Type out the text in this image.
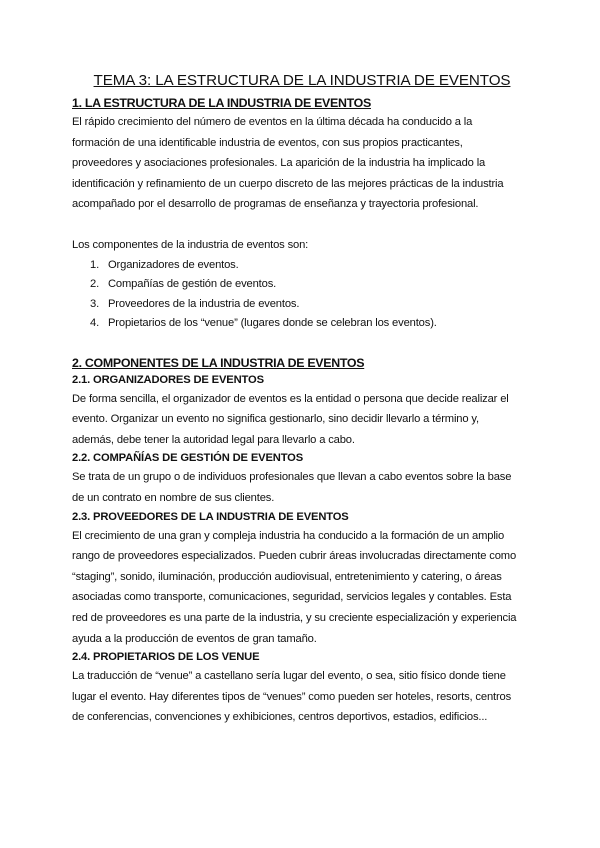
TEMA 3: LA ESTRUCTURA DE LA INDUSTRIA DE EVENTOS
1. LA ESTRUCTURA DE LA INDUSTRIA DE EVENTOS
El rápido crecimiento del número de eventos en la última década ha conducido a la
formación de una identificable industria de eventos, con sus propios practicantes,
proveedores y asociaciones profesionales. La aparición de la industria ha implicado la
identificación y refinamiento de un cuerpo discreto de las mejores prácticas de la industria
acompañado por el desarrollo de programas de enseñanza y trayectoria profesional.
Los componentes de la industria de eventos son:
1. Organizadores de eventos.
2. Compañías de gestión de eventos.
3. Proveedores de la industria de eventos.
4. Propietarios de los “venue” (lugares donde se celebran los eventos).
2. COMPONENTES DE LA INDUSTRIA DE EVENTOS
2.1. ORGANIZADORES DE EVENTOS
De forma sencilla, el organizador de eventos es la entidad o persona que decide realizar el
evento. Organizar un evento no significa gestionarlo, sino decidir llevarlo a término y,
además, debe tener la autoridad legal para llevarlo a cabo.
2.2. COMPAÑÍAS DE GESTIÓN DE EVENTOS
Se trata de un grupo o de individuos profesionales que llevan a cabo eventos sobre la base
de un contrato en nombre de sus clientes.
2.3. PROVEEDORES DE LA INDUSTRIA DE EVENTOS
El crecimiento de una gran y compleja industria ha conducido a la formación de un amplio
rango de proveedores especializados. Pueden cubrir áreas involucradas directamente como
“staging”, sonido, iluminación, producción audiovisual, entretenimiento y catering, o áreas
asociadas como transporte, comunicaciones, seguridad, servicios legales y contables. Esta
red de proveedores es una parte de la industria, y su creciente especialización y experiencia
ayuda a la producción de eventos de gran tamaño.
2.4. PROPIETARIOS DE LOS VENUE
La traducción de “venue” a castellano sería lugar del evento, o sea, sitio físico donde tiene
lugar el evento. Hay diferentes tipos de “venues” como pueden ser hoteles, resorts, centros
de conferencias, convenciones y exhibiciones, centros deportivos, estadios, edificios...
